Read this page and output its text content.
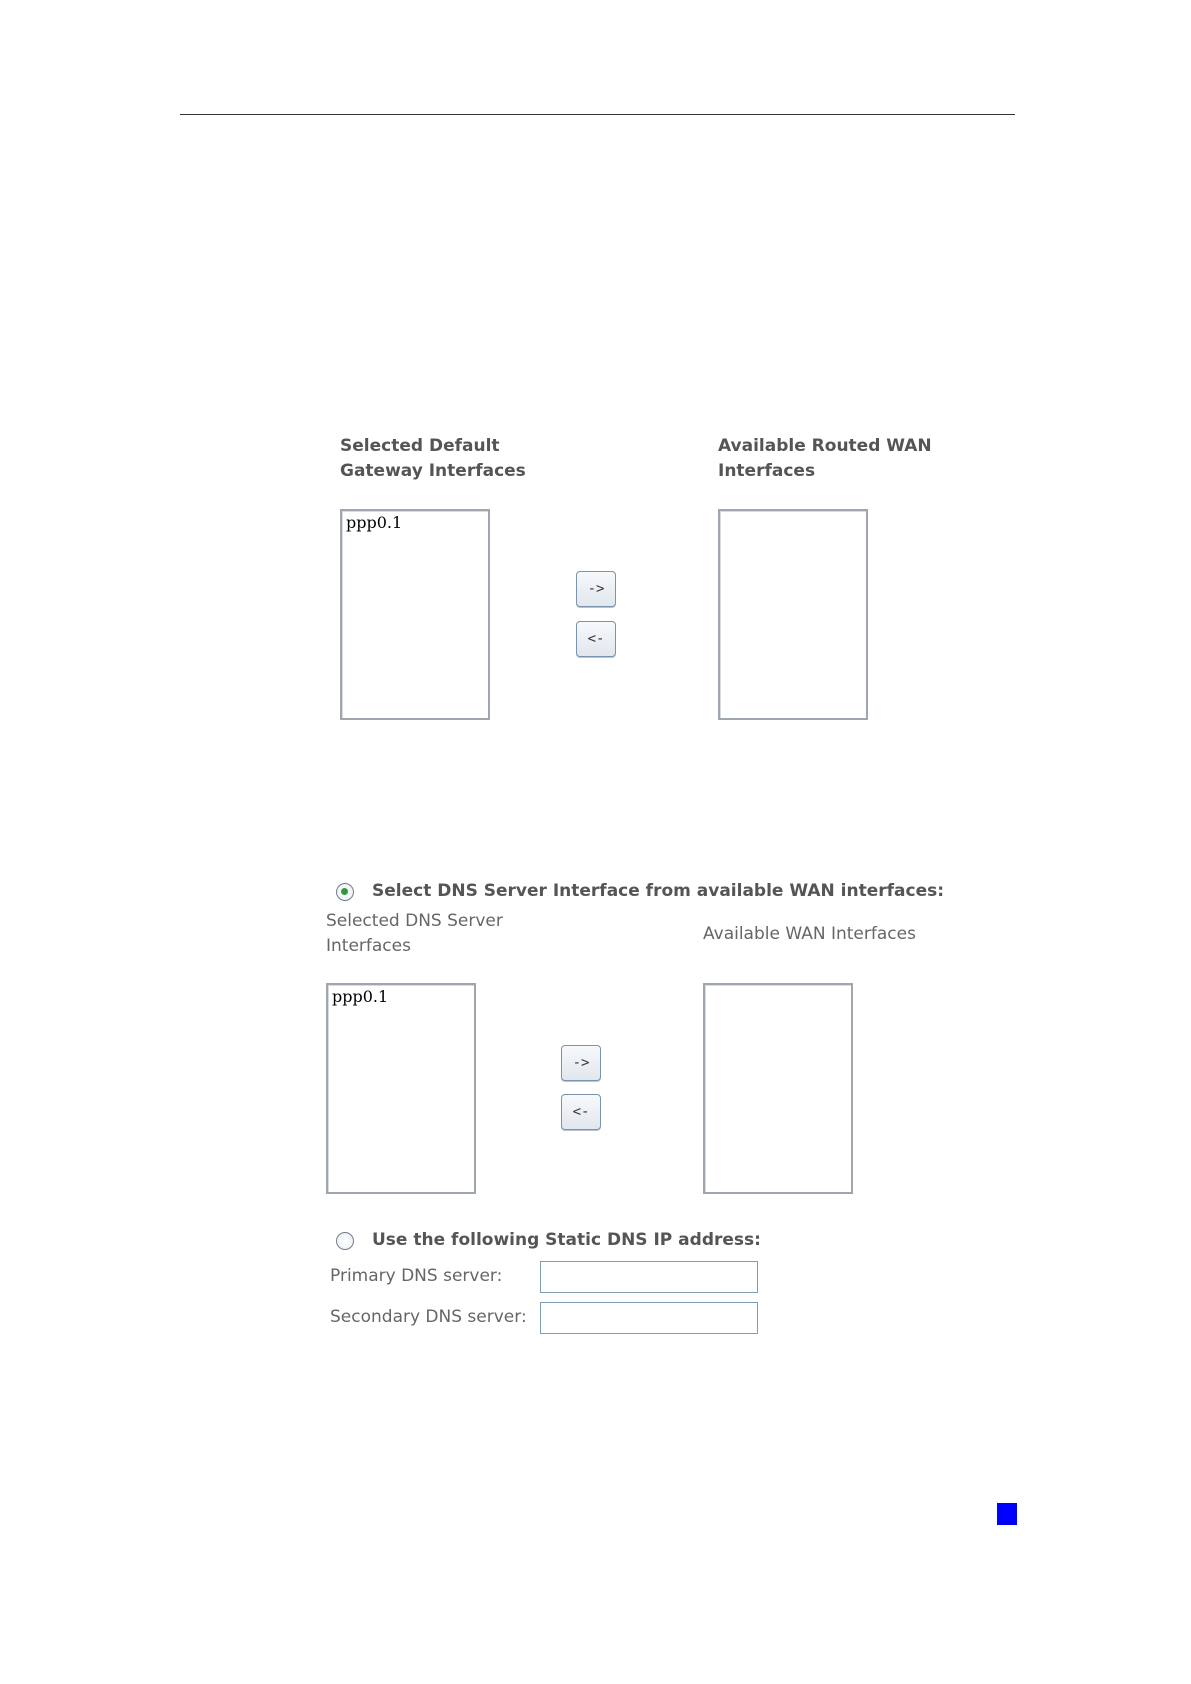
Selected Default
Gateway Interfaces
Available Routed WAN
Interfaces
ppp0.1
->
<-
Select DNS Server Interface from available WAN interfaces:
Selected DNS Server
Interfaces
Available WAN Interfaces
ppp0.1
->
<-
Use the following Static DNS IP address:
Primary DNS server:
Secondary DNS server:
